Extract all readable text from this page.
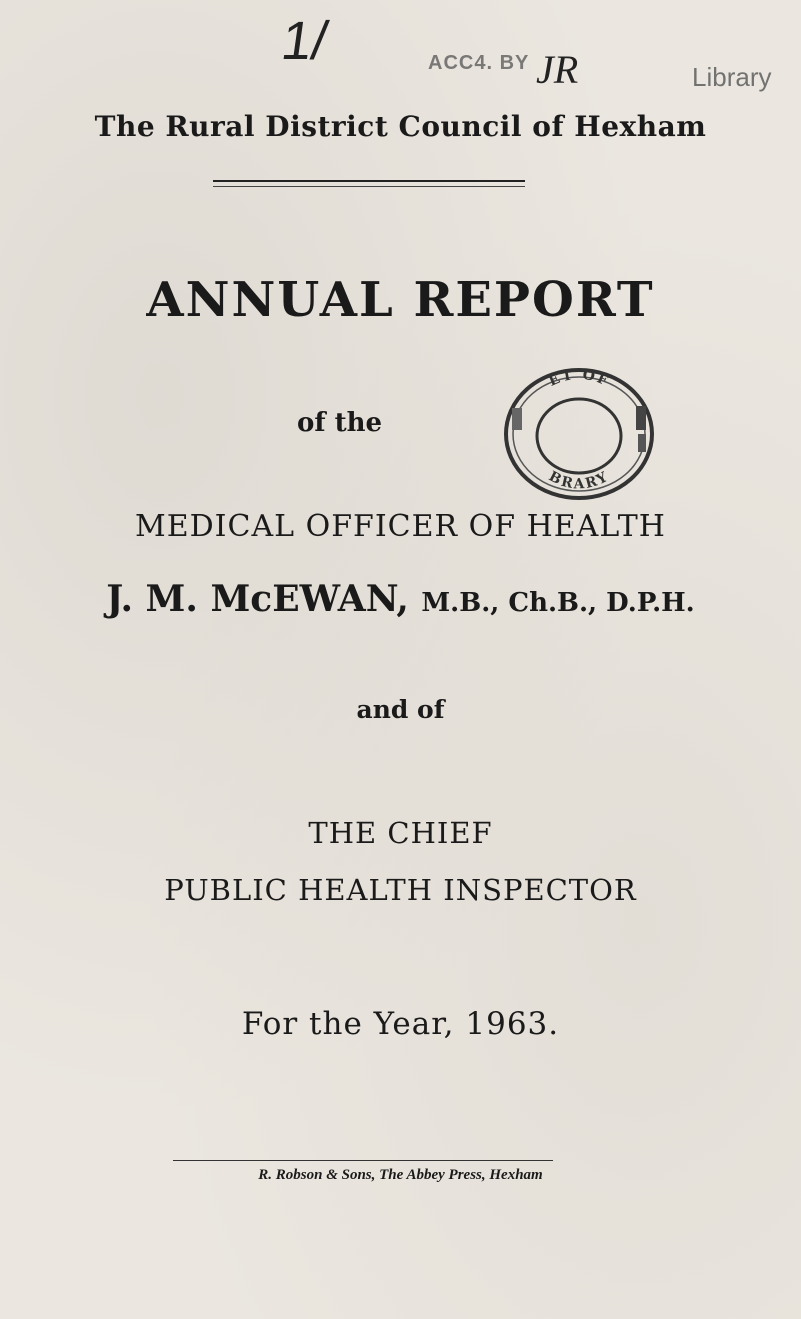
1/	ACC4. BY JR	Library
The Rural District Council of Hexham
ANNUAL REPORT
of the
ET OF
BRARY
MEDICAL OFFICER OF HEALTH
J. M. McEWAN, M.B., Ch.B., D.P.H.
and of
THE CHIEF
PUBLIC HEALTH INSPECTOR
For the Year, 1963.
R. Robson & Sons, The Abbey Press, Hexham
